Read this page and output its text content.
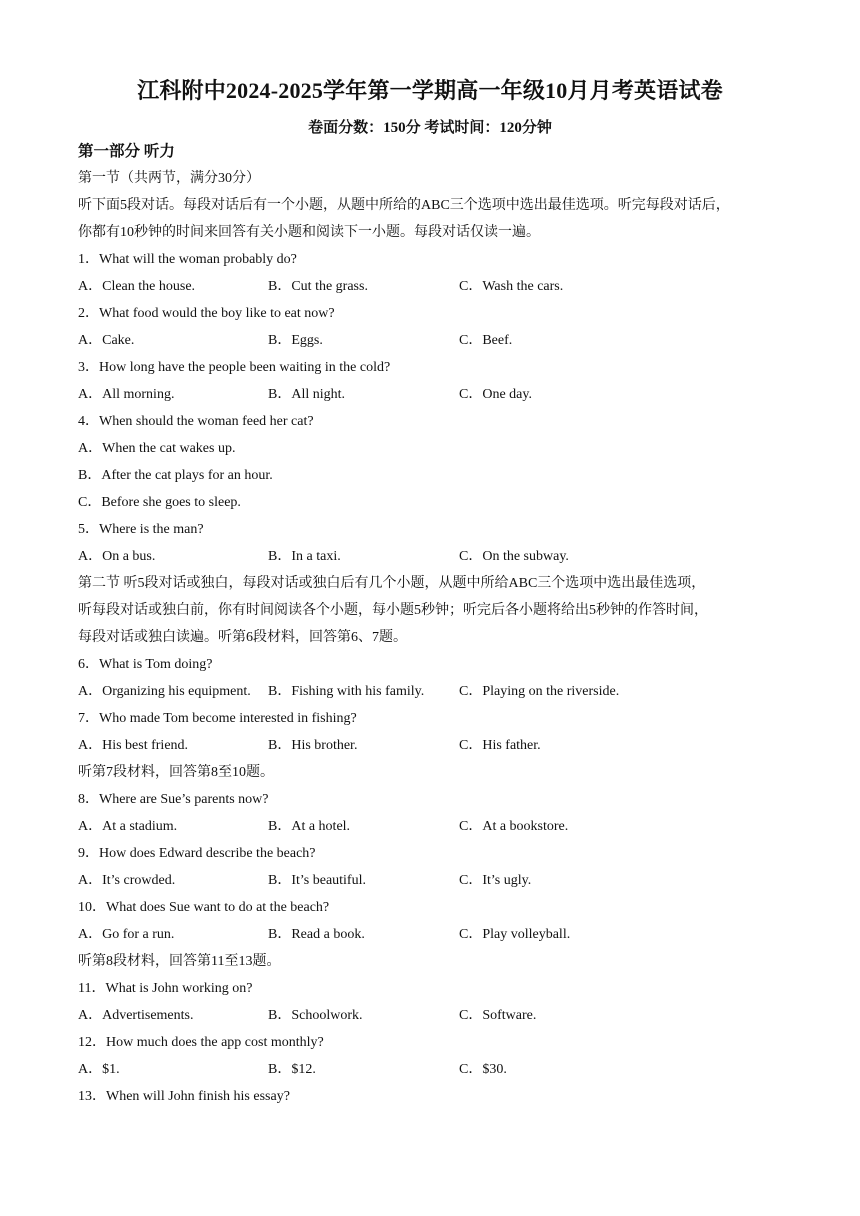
江科附中2024-2025学年第一学期高一年级10月月考英语试卷
卷面分数：150分 考试时间：120分钟
第一部分 听力
第一节（共两节，满分30分）
听下面5段对话。每段对话后有一个小题，从题中所给的ABC三个选项中选出最佳选项。听完每段对话后，
你都有10秒钟的时间来回答有关小题和阅读下一小题。每段对话仅读一遍。
1．What will the woman probably do?
A．Clean the house.	B．Cut the grass.	C．Wash the cars.
2．What food would the boy like to eat now?
A．Cake.	B．Eggs.	C．Beef.
3．How long have the people been waiting in the cold?
A．All morning.	B．All night.	C．One day.
4．When should the woman feed her cat?
A．When the cat wakes up.
B．After the cat plays for an hour.
C．Before she goes to sleep.
5．Where is the man?
A．On a bus.	B．In a taxi.	C．On the subway.
第二节 听5段对话或独白，每段对话或独白后有几个小题，从题中所给ABC三个选项中选出最佳选项，
听每段对话或独白前，你有时间阅读各个小题，每小题5秒钟；听完后各小题将给出5秒钟的作答时间，
每段对话或独白读遍。听第6段材料，回答第6、7题。
6．What is Tom doing?
A．Organizing his equipment. B．Fishing with his family. C．Playing on the riverside.
7．Who made Tom become interested in fishing?
A．His best friend.	B．His brother.	C．His father.
听第7段材料，回答第8至10题。
8．Where are Sue’s parents now?
A．At a stadium.	B．At a hotel.	C．At a bookstore.
9．How does Edward describe the beach?
A．It’s crowded.	B．It’s beautiful.	C．It’s ugly.
10．What does Sue want to do at the beach?
A．Go for a run.	B．Read a book.	C．Play volleyball.
听第8段材料，回答第11至13题。
11．What is John working on?
A．Advertisements.	B．Schoolwork.	C．Software.
12．How much does the app cost monthly?
A．$1.	B．$12.	C．$30.
13．When will John finish his essay?
